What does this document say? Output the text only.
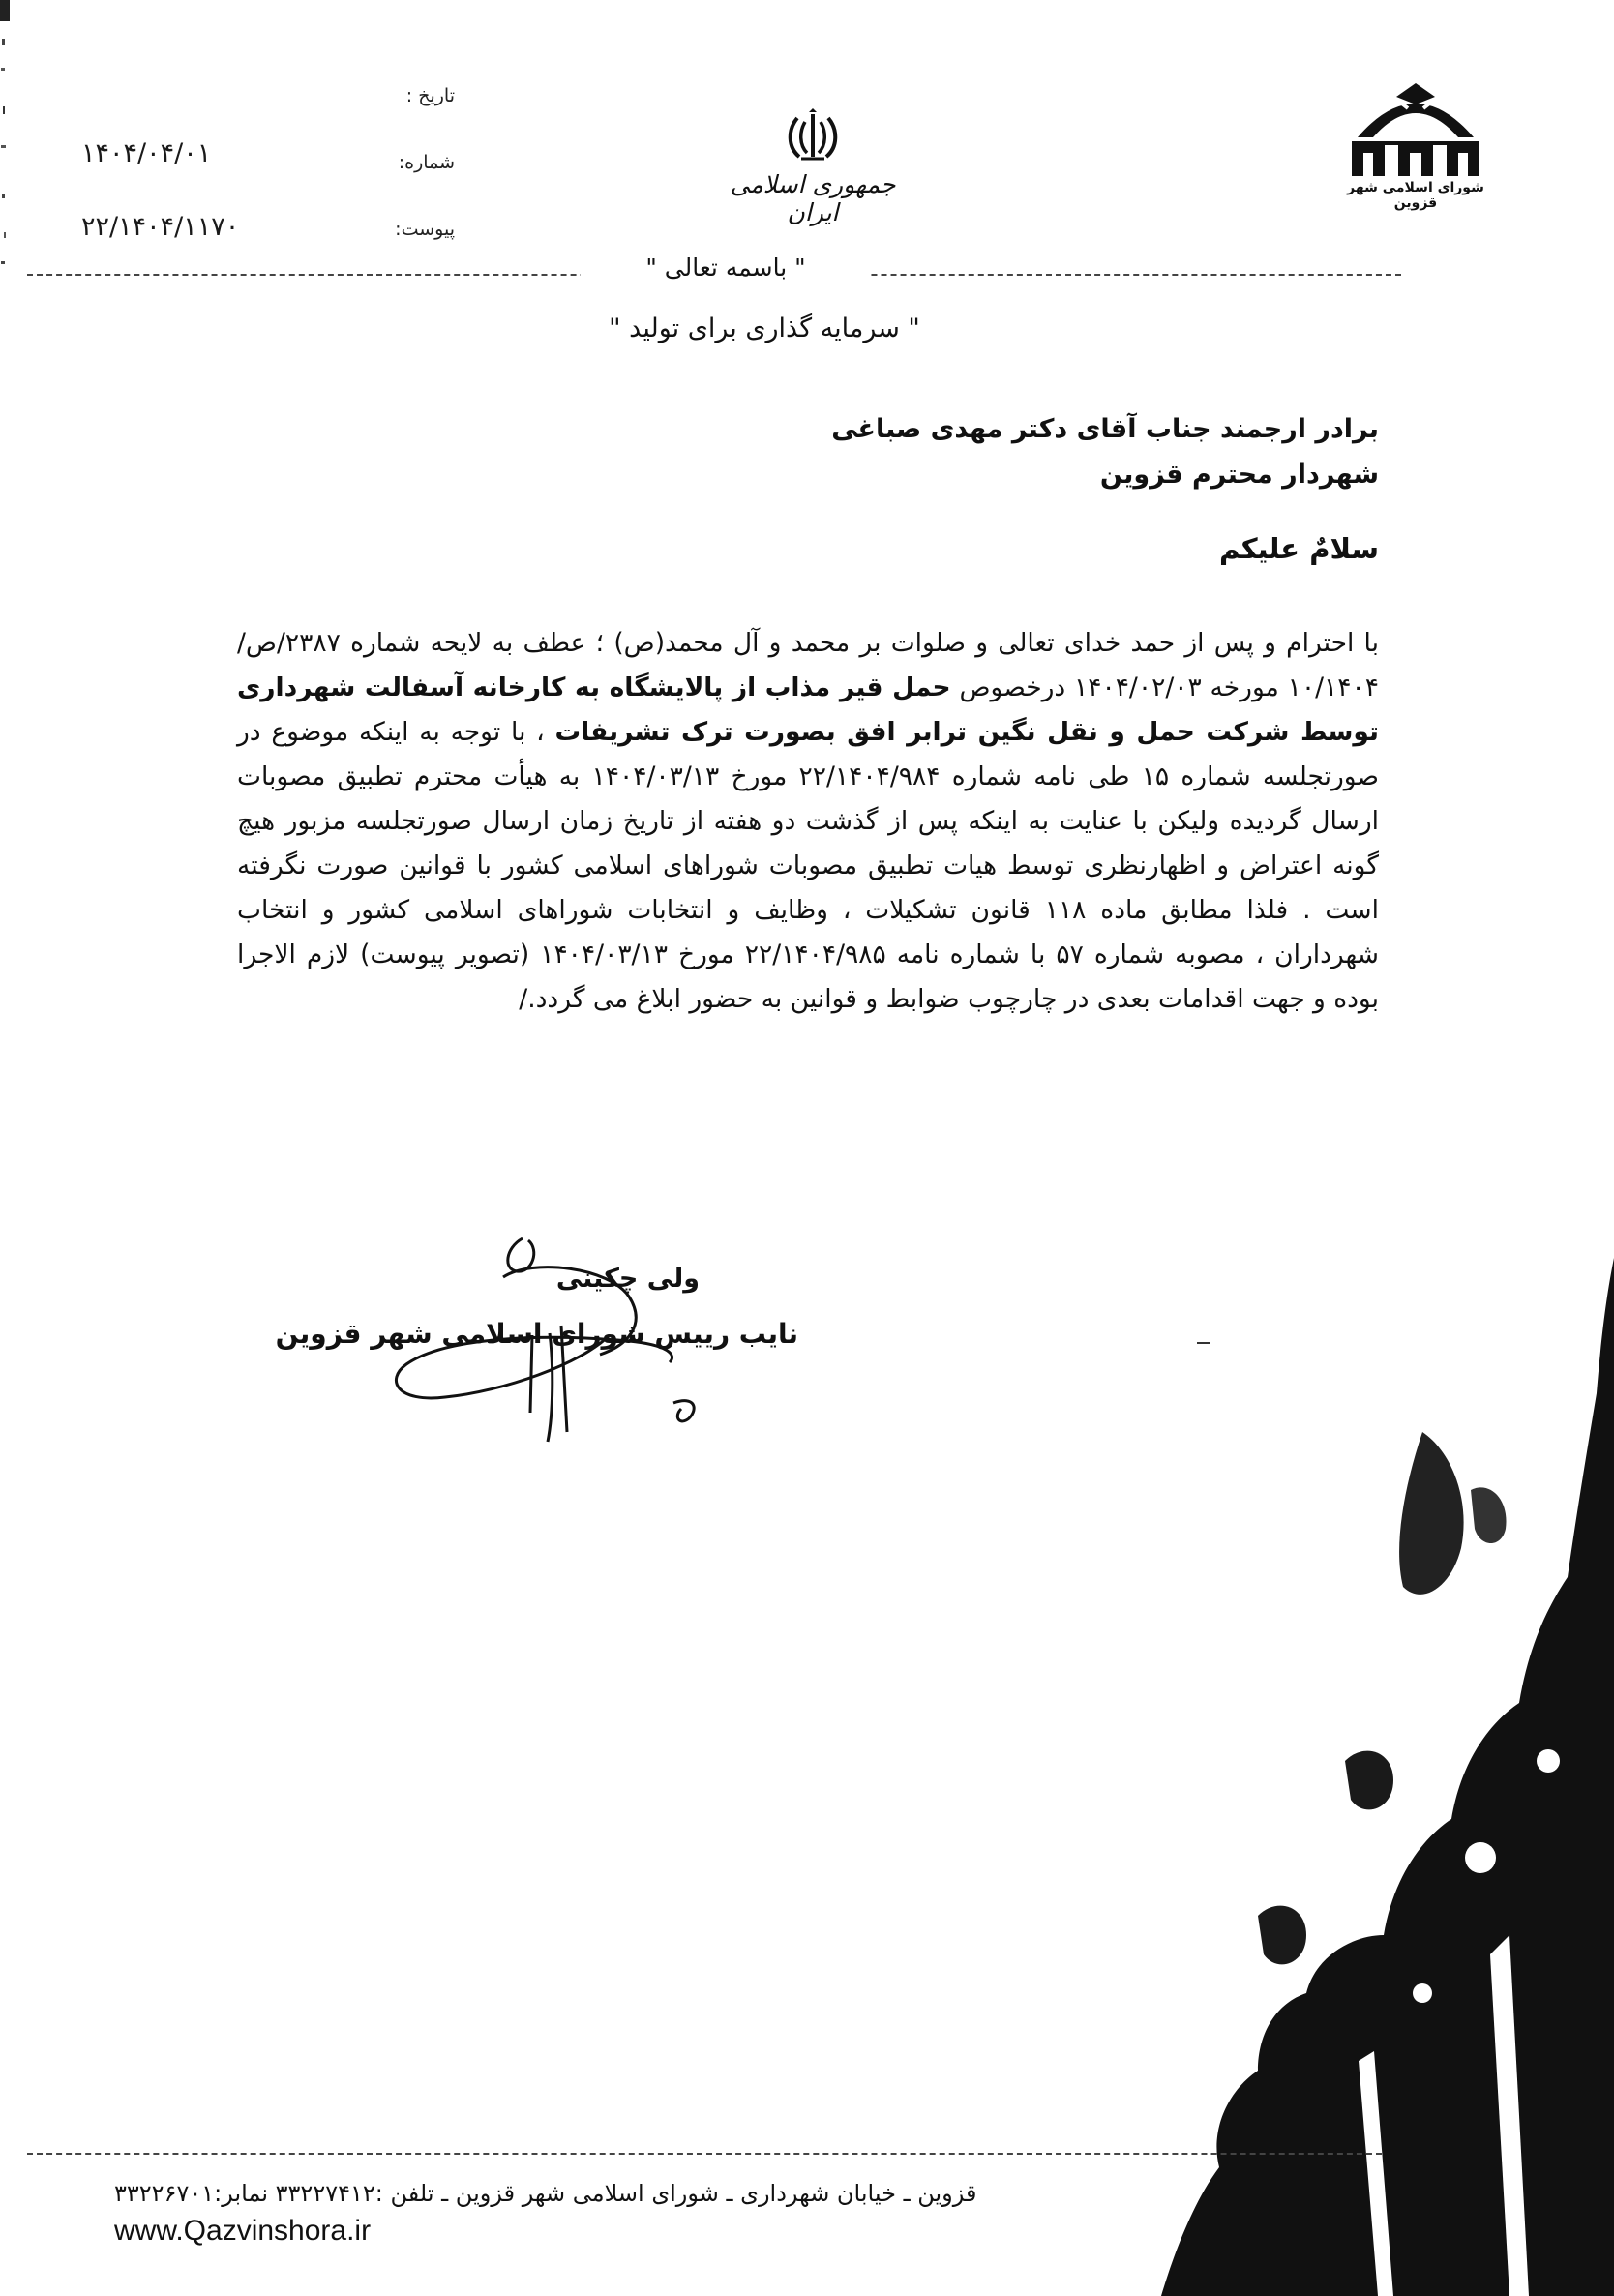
۱۴۰۴/۰۴/۰۱
۲۲/۱۴۰۴/۱۱۷۰
تاریخ :
شماره:
پیوست:
جمهوری اسلامی ایران
شورای اسلامی شهر قزوین
" باسمه تعالی "
" سرمایه گذاری برای تولید "
برادر ارجمند جناب آقای دکتر مهدی صباغی
شهردار محترم قزوین
سلامٌ علیکم

با احترام و پس از حمد خدای تعالی و صلوات بر محمد و آل محمد(ص) ؛ عطف به لایحه شماره ۲۳۸۷/ص/۱۰/۱۴۰۴ مورخه ۱۴۰۴/۰۲/۰۳ درخصوص حمل قیر مذاب از پالایشگاه به کارخانه آسفالت شهرداری توسط شرکت حمل و نقل نگین ترابر افق بصورت ترک تشریفات ، با توجه به اینکه موضوع در صورتجلسه شماره ۱۵ طی نامه شماره ۲۲/۱۴۰۴/۹۸۴ مورخ ۱۴۰۴/۰۳/۱۳ به هیأت محترم تطبیق مصوبات ارسال گردیده ولیکن با عنایت به اینکه پس از گذشت دو هفته از تاریخ زمان ارسال صورتجلسه مزبور هیچ گونه اعتراض و اظهارنظری توسط هیات تطبیق مصوبات شوراهای اسلامی کشور با قوانین صورت نگرفته است . فلذا مطابق ماده ۱۱۸ قانون تشکیلات ، وظایف و انتخابات شوراهای اسلامی کشور و انتخاب شهرداران ، مصوبه شماره ۵۷ با شماره نامه ۲۲/۱۴۰۴/۹۸۵ مورخ ۱۴۰۴/۰۳/۱۳ (تصویر پیوست) لازم الاجرا بوده و جهت اقدامات بعدی در چارچوب ضوابط و قوانین به حضور ابلاغ می گردد./

ولی چکینی
نایب رییس شورای اسلامی شهر قزوین
قزوین ـ خیابان شهرداری ـ شورای اسلامی شهر قزوین ـ تلفن :۳۳۲۲۷۴۱۲ نمابر:۳۳۲۲۶۷۰۱
www.Qazvinshora.ir
